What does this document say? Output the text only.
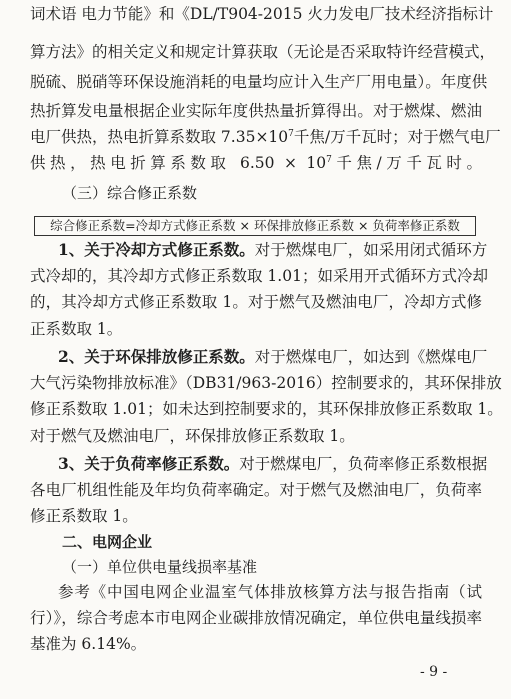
词术语 电力节能》和《DL/T904-2015 火力发电厂技术经济指标计
算方法》的相关定义和规定计算获取（无论是否采取特许经营模式，
脱硫、脱硝等环保设施消耗的电量均应计入生产厂用电量）。年度供
热折算发电量根据企业实际年度供热量折算得出。对于燃煤、燃油
电厂供热，热电折算系数取 $7.35\times 10^7$千焦/万千瓦时；对于燃气电厂
供热，热电折算系数取 $6.50 \times 10^7$千焦/万千瓦时。
（三）综合修正系数
综合修正系数=冷却方式修正系数 × 环保排放修正系数 × 负荷率修正系数
1、关于冷却方式修正系数。对于燃煤电厂，如采用闭式循环方
式冷却的，其冷却方式修正系数取 1.01；如采用开式循环方式冷却
的，其冷却方式修正系数取 1。对于燃气及燃油电厂，冷却方式修
正系数取 1。
2、关于环保排放修正系数。对于燃煤电厂，如达到《燃煤电厂
大气污染物排放标准》（DB31/963-2016）控制要求的，其环保排放
修正系数取 1.01；如未达到控制要求的，其环保排放修正系数取 1。
对于燃气及燃油电厂，环保排放修正系数取 1。
3、关于负荷率修正系数。对于燃煤电厂，负荷率修正系数根据
各电厂机组性能及年均负荷率确定。对于燃气及燃油电厂，负荷率
修正系数取 1。
二、电网企业
（一）单位供电量线损率基准
参考《中国电网企业温室气体排放核算方法与报告指南（试
行）》，综合考虑本市电网企业碳排放情况确定，单位供电量线损率
基准为 6.14%。
- 9 -
